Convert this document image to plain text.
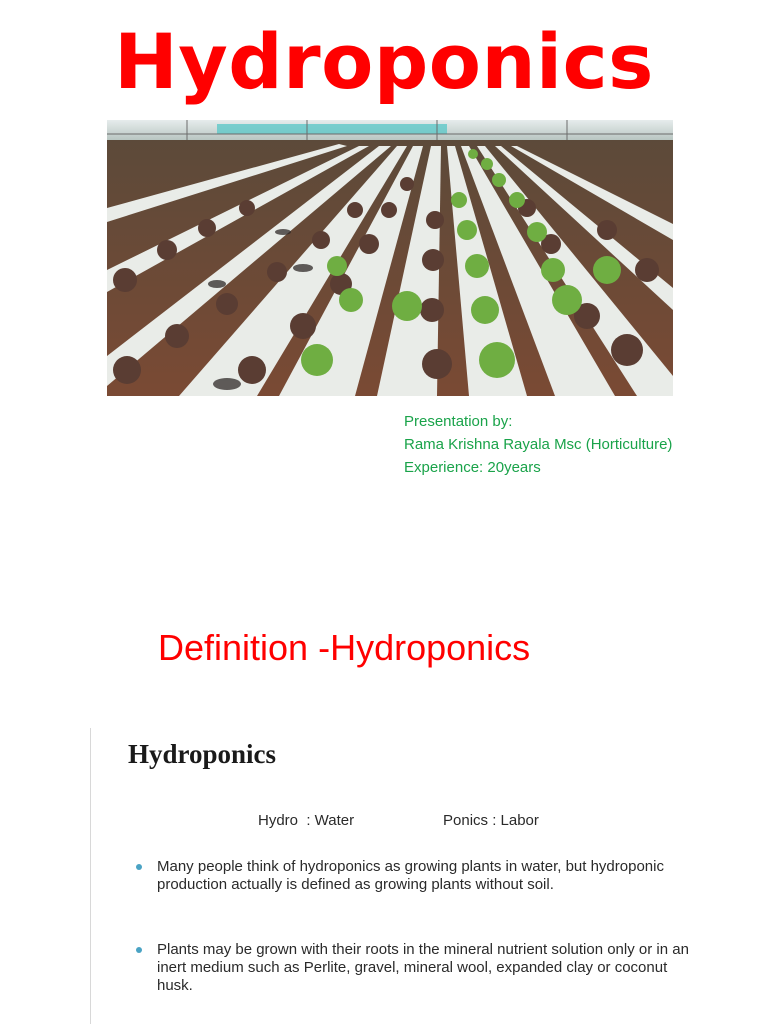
Hydroponics
Presentation by:
Rama Krishna Rayala Msc (Horticulture)
Experience: 20years
Definition -Hydroponics
Hydroponics
Hydro  : Water	Ponics : Labor
Many people think of hydroponics as growing plants in water, but hydroponic production actually is defined as growing plants without soil.
Plants may be grown with their roots in the mineral nutrient solution only or in an inert medium such as Perlite, gravel, mineral wool, expanded clay or coconut husk.
